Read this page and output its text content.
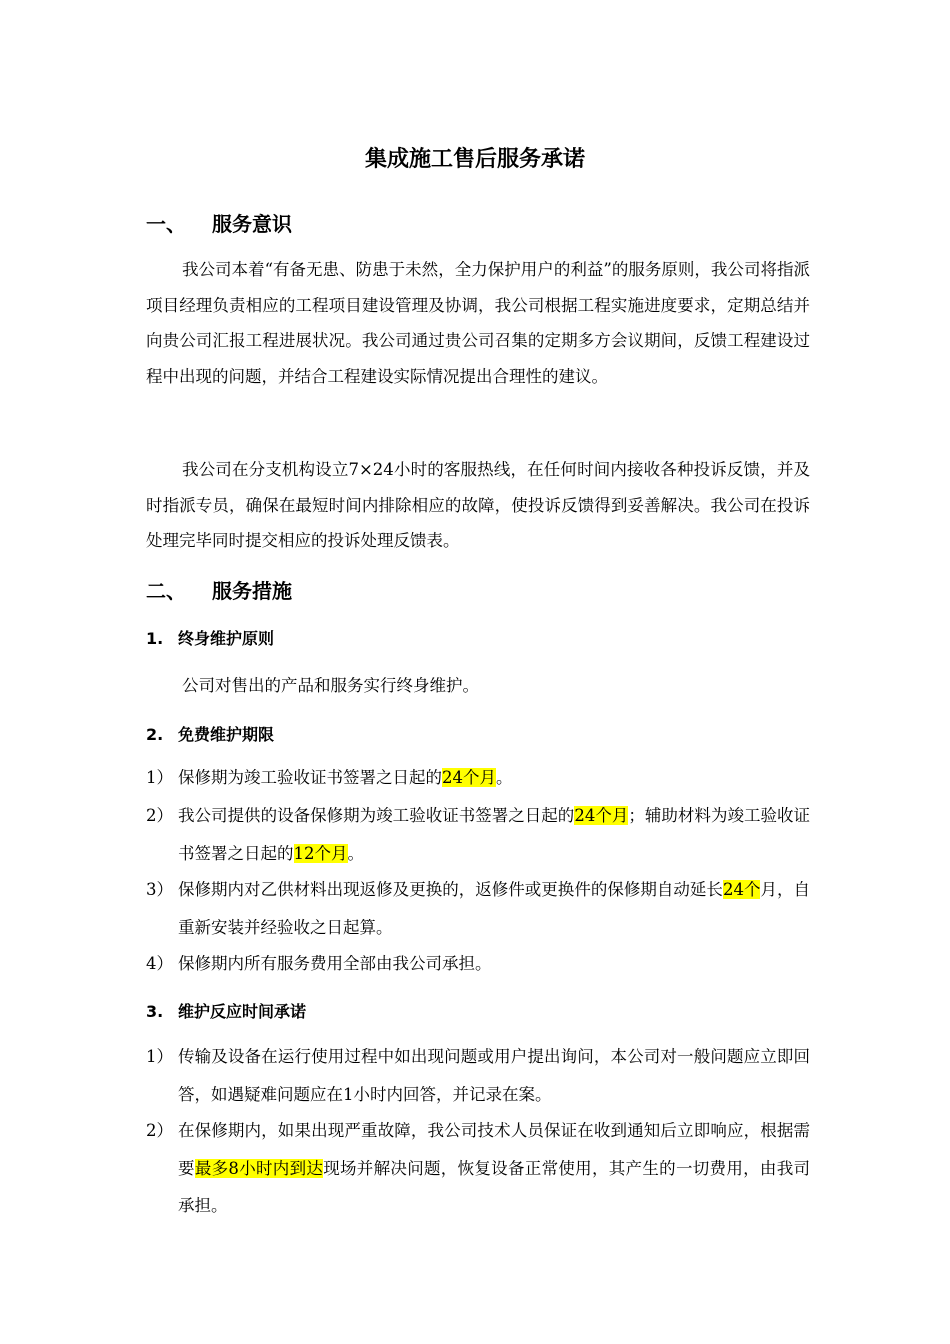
集成施工售后服务承诺
一、 服务意识
我公司本着“有备无患、防患于未然，全力保护用户的利益”的服务原则，我公司将指派项目经理负责相应的工程项目建设管理及协调，我公司根据工程实施进度要求，定期总结并向贵公司汇报工程进展状况。我公司通过贵公司召集的定期多方会议期间，反馈工程建设过程中出现的问题，并结合工程建设实际情况提出合理性的建议。
我公司在分支机构设立7×24小时的客服热线，在任何时间内接收各种投诉反馈，并及时指派专员，确保在最短时间内排除相应的故障，使投诉反馈得到妥善解决。我公司在投诉处理完毕同时提交相应的投诉处理反馈表。
二、 服务措施
1. 终身维护原则
公司对售出的产品和服务实行终身维护。
2. 免费维护期限
1） 保修期为竣工验收证书签署之日起的24个月。
2） 我公司提供的设备保修期为竣工验收证书签署之日起的24个月；辅助材料为竣工验收证书签署之日起的12个月。
3） 保修期内对乙供材料出现返修及更换的，返修件或更换件的保修期自动延长24个月，自重新安装并经验收之日起算。
4） 保修期内所有服务费用全部由我公司承担。
3. 维护反应时间承诺
1） 传输及设备在运行使用过程中如出现问题或用户提出询问，本公司对一般问题应立即回答，如遇疑难问题应在1小时内回答，并记录在案。
2） 在保修期内，如果出现严重故障，我公司技术人员保证在收到通知后立即响应，根据需要最多8小时内到达现场并解决问题，恢复设备正常使用，其产生的一切费用，由我司承担。
